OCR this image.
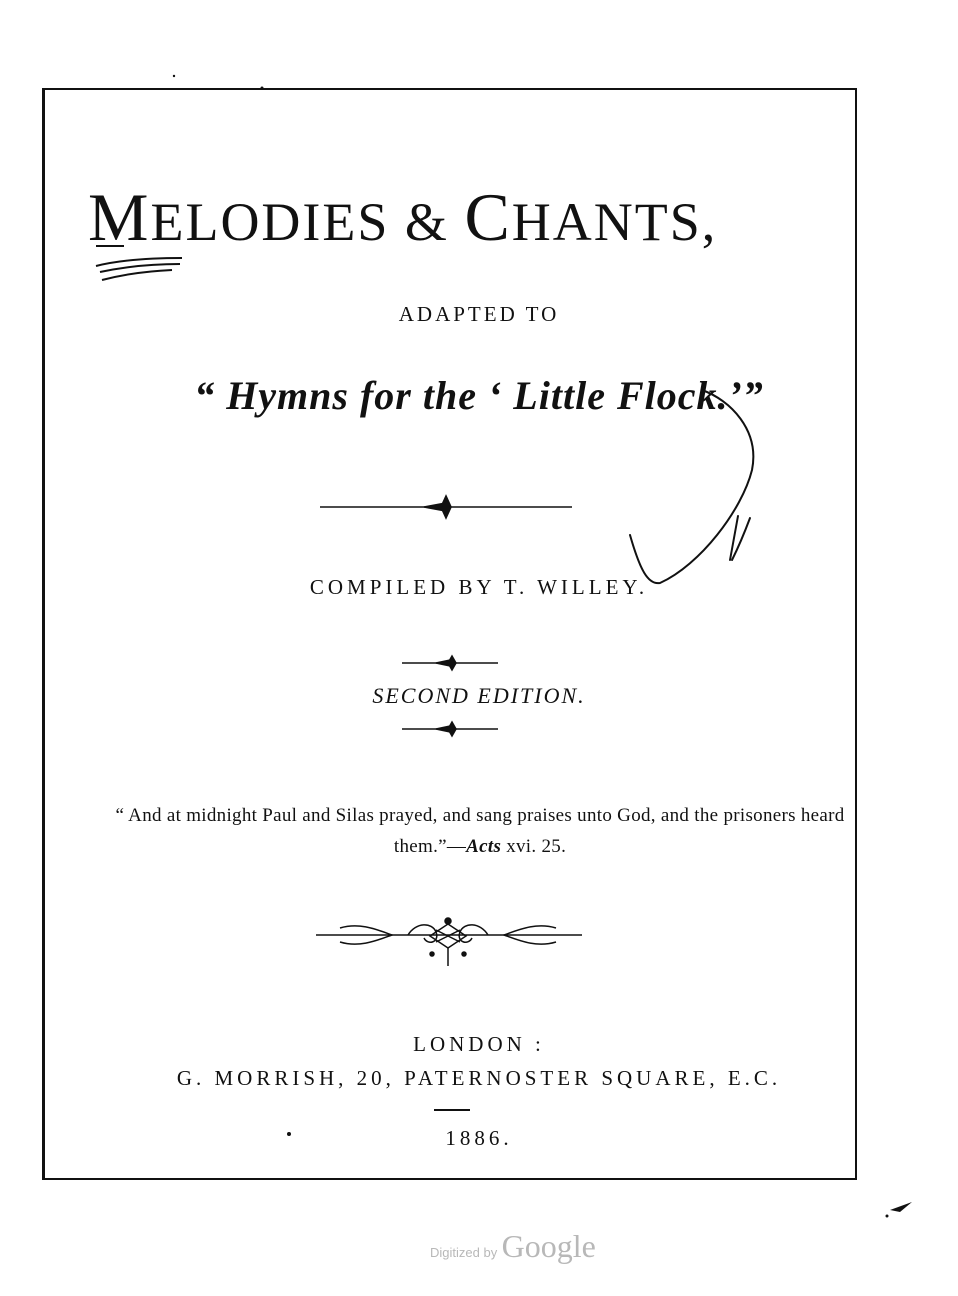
MELODIES & CHANTS,
ADAPTED TO
“ Hymns for the ‘ Little Flock.’”
COMPILED BY T. WILLEY.
SECOND EDITION.
“ And at midnight Paul and Silas prayed, and sang praises unto God, and the prisoners heard them.”—Acts xvi. 25.
LONDON :
G. MORRISH, 20, PATERNOSTER SQUARE, E.C.
1886.
Digitized by Google
